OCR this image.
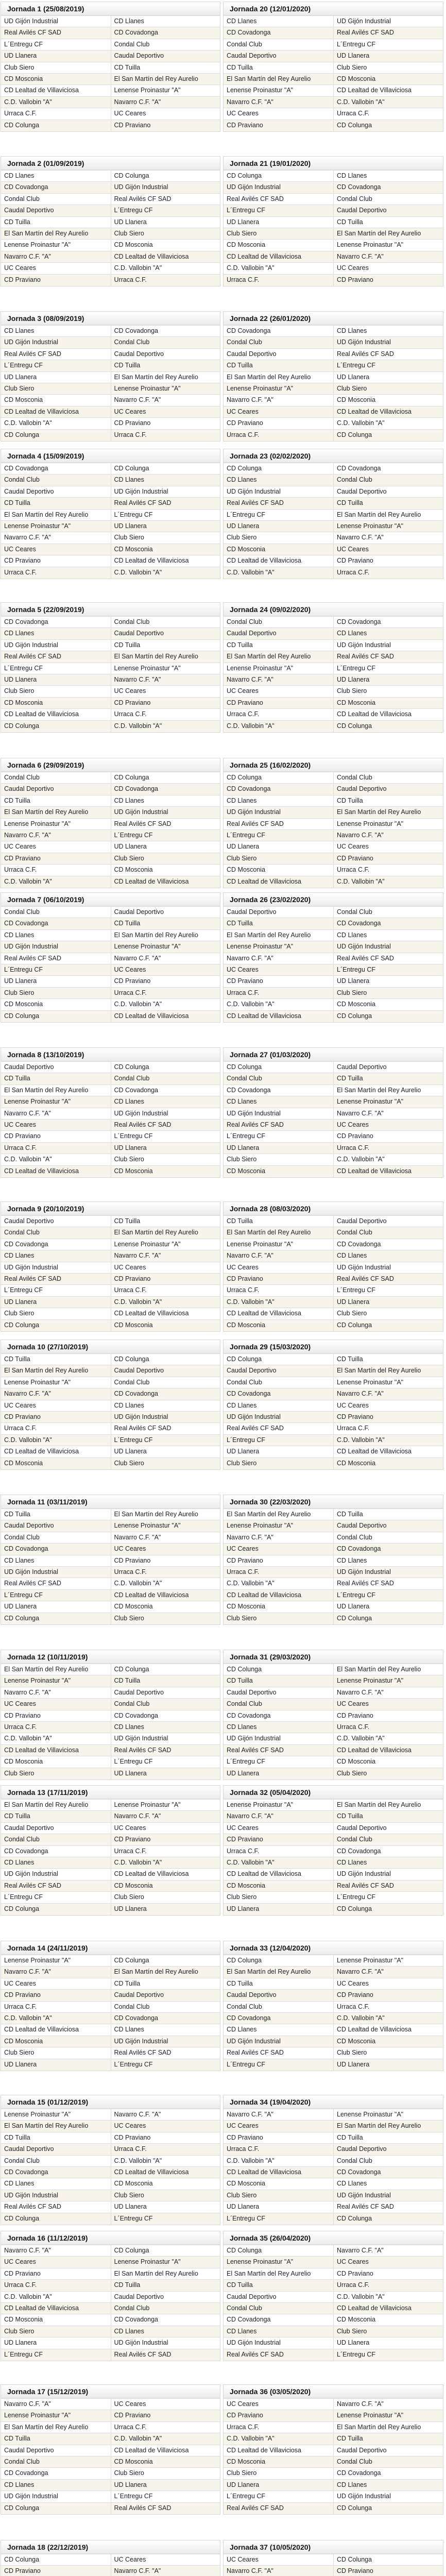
Jornada 1 (25/08/2019)
UD Gijón Industrial	CD Llanes
Real Avilés CF SAD	CD Covadonga
L´Entregu CF	Condal Club
UD Llanera	Caudal Deportivo
Club Siero	CD Tuilla
CD Mosconia	El San Martín del Rey Aurelio
CD Lealtad de Villaviciosa	Lenense Proinastur "A"
C.D. Vallobin "A"	Navarro C.F. "A"
Urraca C.F.	UC Ceares
CD Colunga	CD Praviano
Jornada 20 (12/01/2020)
CD Llanes	UD Gijón Industrial
CD Covadonga	Real Avilés CF SAD
Condal Club	L´Entregu CF
Caudal Deportivo	UD Llanera
CD Tuilla	Club Siero
El San Martín del Rey Aurelio	CD Mosconia
Lenense Proinastur "A"	CD Lealtad de Villaviciosa
Navarro C.F. "A"	C.D. Vallobin "A"
UC Ceares	Urraca C.F.
CD Praviano	CD Colunga
Jornada 2 (01/09/2019)
CD Llanes	CD Colunga
CD Covadonga	UD Gijón Industrial
Condal Club	Real Avilés CF SAD
Caudal Deportivo	L´Entregu CF
CD Tuilla	UD Llanera
El San Martín del Rey Aurelio	Club Siero
Lenense Proinastur "A"	CD Mosconia
Navarro C.F. "A"	CD Lealtad de Villaviciosa
UC Ceares	C.D. Vallobin "A"
CD Praviano	Urraca C.F.
Jornada 21 (19/01/2020)
CD Colunga	CD Llanes
UD Gijón Industrial	CD Covadonga
Real Avilés CF SAD	Condal Club
L´Entregu CF	Caudal Deportivo
UD Llanera	CD Tuilla
Club Siero	El San Martín del Rey Aurelio
CD Mosconia	Lenense Proinastur "A"
CD Lealtad de Villaviciosa	Navarro C.F. "A"
C.D. Vallobin "A"	UC Ceares
Urraca C.F.	CD Praviano
Jornada 3 (08/09/2019)
CD Llanes	CD Covadonga
UD Gijón Industrial	Condal Club
Real Avilés CF SAD	Caudal Deportivo
L´Entregu CF	CD Tuilla
UD Llanera	El San Martín del Rey Aurelio
Club Siero	Lenense Proinastur "A"
CD Mosconia	Navarro C.F. "A"
CD Lealtad de Villaviciosa	UC Ceares
C.D. Vallobin "A"	CD Praviano
CD Colunga	Urraca C.F.
Jornada 22 (26/01/2020)
CD Covadonga	CD Llanes
Condal Club	UD Gijón Industrial
Caudal Deportivo	Real Avilés CF SAD
CD Tuilla	L´Entregu CF
El San Martín del Rey Aurelio	UD Llanera
Lenense Proinastur "A"	Club Siero
Navarro C.F. "A"	CD Mosconia
UC Ceares	CD Lealtad de Villaviciosa
CD Praviano	C.D. Vallobin "A"
Urraca C.F.	CD Colunga
Jornada 4 (15/09/2019)
CD Covadonga	CD Colunga
Condal Club	CD Llanes
Caudal Deportivo	UD Gijón Industrial
CD Tuilla	Real Avilés CF SAD
El San Martín del Rey Aurelio	L´Entregu CF
Lenense Proinastur "A"	UD Llanera
Navarro C.F. "A"	Club Siero
UC Ceares	CD Mosconia
CD Praviano	CD Lealtad de Villaviciosa
Urraca C.F.	C.D. Vallobin "A"
Jornada 23 (02/02/2020)
CD Colunga	CD Covadonga
CD Llanes	Condal Club
UD Gijón Industrial	Caudal Deportivo
Real Avilés CF SAD	CD Tuilla
L´Entregu CF	El San Martín del Rey Aurelio
UD Llanera	Lenense Proinastur "A"
Club Siero	Navarro C.F. "A"
CD Mosconia	UC Ceares
CD Lealtad de Villaviciosa	CD Praviano
C.D. Vallobin "A"	Urraca C.F.
Jornada 5 (22/09/2019)
CD Covadonga	Condal Club
CD Llanes	Caudal Deportivo
UD Gijón Industrial	CD Tuilla
Real Avilés CF SAD	El San Martín del Rey Aurelio
L´Entregu CF	Lenense Proinastur "A"
UD Llanera	Navarro C.F. "A"
Club Siero	UC Ceares
CD Mosconia	CD Praviano
CD Lealtad de Villaviciosa	Urraca C.F.
CD Colunga	C.D. Vallobin "A"
Jornada 24 (09/02/2020)
Condal Club	CD Covadonga
Caudal Deportivo	CD Llanes
CD Tuilla	UD Gijón Industrial
El San Martín del Rey Aurelio	Real Avilés CF SAD
Lenense Proinastur "A"	L´Entregu CF
Navarro C.F. "A"	UD Llanera
UC Ceares	Club Siero
CD Praviano	CD Mosconia
Urraca C.F.	CD Lealtad de Villaviciosa
C.D. Vallobin "A"	CD Colunga
Jornada 6 (29/09/2019)
Condal Club	CD Colunga
Caudal Deportivo	CD Covadonga
CD Tuilla	CD Llanes
El San Martín del Rey Aurelio	UD Gijón Industrial
Lenense Proinastur "A"	Real Avilés CF SAD
Navarro C.F. "A"	L´Entregu CF
UC Ceares	UD Llanera
CD Praviano	Club Siero
Urraca C.F.	CD Mosconia
C.D. Vallobin "A"	CD Lealtad de Villaviciosa
Jornada 25 (16/02/2020)
CD Colunga	Condal Club
CD Covadonga	Caudal Deportivo
CD Llanes	CD Tuilla
UD Gijón Industrial	El San Martín del Rey Aurelio
Real Avilés CF SAD	Lenense Proinastur "A"
L´Entregu CF	Navarro C.F. "A"
UD Llanera	UC Ceares
Club Siero	CD Praviano
CD Mosconia	Urraca C.F.
CD Lealtad de Villaviciosa	C.D. Vallobin "A"
Jornada 7 (06/10/2019)
Condal Club	Caudal Deportivo
CD Covadonga	CD Tuilla
CD Llanes	El San Martín del Rey Aurelio
UD Gijón Industrial	Lenense Proinastur "A"
Real Avilés CF SAD	Navarro C.F. "A"
L´Entregu CF	UC Ceares
UD Llanera	CD Praviano
Club Siero	Urraca C.F.
CD Mosconia	C.D. Vallobin "A"
CD Colunga	CD Lealtad de Villaviciosa
Jornada 26 (23/02/2020)
Caudal Deportivo	Condal Club
CD Tuilla	CD Covadonga
El San Martín del Rey Aurelio	CD Llanes
Lenense Proinastur "A"	UD Gijón Industrial
Navarro C.F. "A"	Real Avilés CF SAD
UC Ceares	L´Entregu CF
CD Praviano	UD Llanera
Urraca C.F.	Club Siero
C.D. Vallobin "A"	CD Mosconia
CD Lealtad de Villaviciosa	CD Colunga
Jornada 8 (13/10/2019)
Caudal Deportivo	CD Colunga
CD Tuilla	Condal Club
El San Martín del Rey Aurelio	CD Covadonga
Lenense Proinastur "A"	CD Llanes
Navarro C.F. "A"	UD Gijón Industrial
UC Ceares	Real Avilés CF SAD
CD Praviano	L´Entregu CF
Urraca C.F.	UD Llanera
C.D. Vallobin "A"	Club Siero
CD Lealtad de Villaviciosa	CD Mosconia
Jornada 27 (01/03/2020)
CD Colunga	Caudal Deportivo
Condal Club	CD Tuilla
CD Covadonga	El San Martín del Rey Aurelio
CD Llanes	Lenense Proinastur "A"
UD Gijón Industrial	Navarro C.F. "A"
Real Avilés CF SAD	UC Ceares
L´Entregu CF	CD Praviano
UD Llanera	Urraca C.F.
Club Siero	C.D. Vallobin "A"
CD Mosconia	CD Lealtad de Villaviciosa
Jornada 9 (20/10/2019)
Caudal Deportivo	CD Tuilla
Condal Club	El San Martín del Rey Aurelio
CD Covadonga	Lenense Proinastur "A"
CD Llanes	Navarro C.F. "A"
UD Gijón Industrial	UC Ceares
Real Avilés CF SAD	CD Praviano
L´Entregu CF	Urraca C.F.
UD Llanera	C.D. Vallobin "A"
Club Siero	CD Lealtad de Villaviciosa
CD Colunga	CD Mosconia
Jornada 28 (08/03/2020)
CD Tuilla	Caudal Deportivo
El San Martín del Rey Aurelio	Condal Club
Lenense Proinastur "A"	CD Covadonga
Navarro C.F. "A"	CD Llanes
UC Ceares	UD Gijón Industrial
CD Praviano	Real Avilés CF SAD
Urraca C.F.	L´Entregu CF
C.D. Vallobin "A"	UD Llanera
CD Lealtad de Villaviciosa	Club Siero
CD Mosconia	CD Colunga
Jornada 10 (27/10/2019)
CD Tuilla	CD Colunga
El San Martín del Rey Aurelio	Caudal Deportivo
Lenense Proinastur "A"	Condal Club
Navarro C.F. "A"	CD Covadonga
UC Ceares	CD Llanes
CD Praviano	UD Gijón Industrial
Urraca C.F.	Real Avilés CF SAD
C.D. Vallobin "A"	L´Entregu CF
CD Lealtad de Villaviciosa	UD Llanera
CD Mosconia	Club Siero
Jornada 29 (15/03/2020)
CD Colunga	CD Tuilla
Caudal Deportivo	El San Martín del Rey Aurelio
Condal Club	Lenense Proinastur "A"
CD Covadonga	Navarro C.F. "A"
CD Llanes	UC Ceares
UD Gijón Industrial	CD Praviano
Real Avilés CF SAD	Urraca C.F.
L´Entregu CF	C.D. Vallobin "A"
UD Llanera	CD Lealtad de Villaviciosa
Club Siero	CD Mosconia
Jornada 11 (03/11/2019)
CD Tuilla	El San Martín del Rey Aurelio
Caudal Deportivo	Lenense Proinastur "A"
Condal Club	Navarro C.F. "A"
CD Covadonga	UC Ceares
CD Llanes	CD Praviano
UD Gijón Industrial	Urraca C.F.
Real Avilés CF SAD	C.D. Vallobin "A"
L´Entregu CF	CD Lealtad de Villaviciosa
UD Llanera	CD Mosconia
CD Colunga	Club Siero
Jornada 30 (22/03/2020)
El San Martín del Rey Aurelio	CD Tuilla
Lenense Proinastur "A"	Caudal Deportivo
Navarro C.F. "A"	Condal Club
UC Ceares	CD Covadonga
CD Praviano	CD Llanes
Urraca C.F.	UD Gijón Industrial
C.D. Vallobin "A"	Real Avilés CF SAD
CD Lealtad de Villaviciosa	L´Entregu CF
CD Mosconia	UD Llanera
Club Siero	CD Colunga
Jornada 12 (10/11/2019)
El San Martín del Rey Aurelio	CD Colunga
Lenense Proinastur "A"	CD Tuilla
Navarro C.F. "A"	Caudal Deportivo
UC Ceares	Condal Club
CD Praviano	CD Covadonga
Urraca C.F.	CD Llanes
C.D. Vallobin "A"	UD Gijón Industrial
CD Lealtad de Villaviciosa	Real Avilés CF SAD
CD Mosconia	L´Entregu CF
Club Siero	UD Llanera
Jornada 31 (29/03/2020)
CD Colunga	El San Martín del Rey Aurelio
CD Tuilla	Lenense Proinastur "A"
Caudal Deportivo	Navarro C.F. "A"
Condal Club	UC Ceares
CD Covadonga	CD Praviano
CD Llanes	Urraca C.F.
UD Gijón Industrial	C.D. Vallobin "A"
Real Avilés CF SAD	CD Lealtad de Villaviciosa
L´Entregu CF	CD Mosconia
UD Llanera	Club Siero
Jornada 13 (17/11/2019)
El San Martín del Rey Aurelio	Lenense Proinastur "A"
CD Tuilla	Navarro C.F. "A"
Caudal Deportivo	UC Ceares
Condal Club	CD Praviano
CD Covadonga	Urraca C.F.
CD Llanes	C.D. Vallobin "A"
UD Gijón Industrial	CD Lealtad de Villaviciosa
Real Avilés CF SAD	CD Mosconia
L´Entregu CF	Club Siero
CD Colunga	UD Llanera
Jornada 32 (05/04/2020)
Lenense Proinastur "A"	El San Martín del Rey Aurelio
Navarro C.F. "A"	CD Tuilla
UC Ceares	Caudal Deportivo
CD Praviano	Condal Club
Urraca C.F.	CD Covadonga
C.D. Vallobin "A"	CD Llanes
CD Lealtad de Villaviciosa	UD Gijón Industrial
CD Mosconia	Real Avilés CF SAD
Club Siero	L´Entregu CF
UD Llanera	CD Colunga
Jornada 14 (24/11/2019)
Lenense Proinastur "A"	CD Colunga
Navarro C.F. "A"	El San Martín del Rey Aurelio
UC Ceares	CD Tuilla
CD Praviano	Caudal Deportivo
Urraca C.F.	Condal Club
C.D. Vallobin "A"	CD Covadonga
CD Lealtad de Villaviciosa	CD Llanes
CD Mosconia	UD Gijón Industrial
Club Siero	Real Avilés CF SAD
UD Llanera	L´Entregu CF
Jornada 33 (12/04/2020)
CD Colunga	Lenense Proinastur "A"
El San Martín del Rey Aurelio	Navarro C.F. "A"
CD Tuilla	UC Ceares
Caudal Deportivo	CD Praviano
Condal Club	Urraca C.F.
CD Covadonga	C.D. Vallobin "A"
CD Llanes	CD Lealtad de Villaviciosa
UD Gijón Industrial	CD Mosconia
Real Avilés CF SAD	Club Siero
L´Entregu CF	UD Llanera
Jornada 15 (01/12/2019)
Lenense Proinastur "A"	Navarro C.F. "A"
El San Martín del Rey Aurelio	UC Ceares
CD Tuilla	CD Praviano
Caudal Deportivo	Urraca C.F.
Condal Club	C.D. Vallobin "A"
CD Covadonga	CD Lealtad de Villaviciosa
CD Llanes	CD Mosconia
UD Gijón Industrial	Club Siero
Real Avilés CF SAD	UD Llanera
CD Colunga	L´Entregu CF
Jornada 34 (19/04/2020)
Navarro C.F. "A"	Lenense Proinastur "A"
UC Ceares	El San Martín del Rey Aurelio
CD Praviano	CD Tuilla
Urraca C.F.	Caudal Deportivo
C.D. Vallobin "A"	Condal Club
CD Lealtad de Villaviciosa	CD Covadonga
CD Mosconia	CD Llanes
Club Siero	UD Gijón Industrial
UD Llanera	Real Avilés CF SAD
L´Entregu CF	CD Colunga
Jornada 16 (11/12/2019)
Navarro C.F. "A"	CD Colunga
UC Ceares	Lenense Proinastur "A"
CD Praviano	El San Martín del Rey Aurelio
Urraca C.F.	CD Tuilla
C.D. Vallobin "A"	Caudal Deportivo
CD Lealtad de Villaviciosa	Condal Club
CD Mosconia	CD Covadonga
Club Siero	CD Llanes
UD Llanera	UD Gijón Industrial
L´Entregu CF	Real Avilés CF SAD
Jornada 35 (26/04/2020)
CD Colunga	Navarro C.F. "A"
Lenense Proinastur "A"	UC Ceares
El San Martín del Rey Aurelio	CD Praviano
CD Tuilla	Urraca C.F.
Caudal Deportivo	C.D. Vallobin "A"
Condal Club	CD Lealtad de Villaviciosa
CD Covadonga	CD Mosconia
CD Llanes	Club Siero
UD Gijón Industrial	UD Llanera
Real Avilés CF SAD	L´Entregu CF
Jornada 17 (15/12/2019)
Navarro C.F. "A"	UC Ceares
Lenense Proinastur "A"	CD Praviano
El San Martín del Rey Aurelio	Urraca C.F.
CD Tuilla	C.D. Vallobin "A"
Caudal Deportivo	CD Lealtad de Villaviciosa
Condal Club	CD Mosconia
CD Covadonga	Club Siero
CD Llanes	UD Llanera
UD Gijón Industrial	L´Entregu CF
CD Colunga	Real Avilés CF SAD
Jornada 36 (03/05/2020)
UC Ceares	Navarro C.F. "A"
CD Praviano	Lenense Proinastur "A"
Urraca C.F.	El San Martín del Rey Aurelio
C.D. Vallobin "A"	CD Tuilla
CD Lealtad de Villaviciosa	Caudal Deportivo
CD Mosconia	Condal Club
Club Siero	CD Covadonga
UD Llanera	CD Llanes
L´Entregu CF	UD Gijón Industrial
Real Avilés CF SAD	CD Colunga
Jornada 18 (22/12/2019)
CD Colunga	UC Ceares
CD Praviano	Navarro C.F. "A"
Jornada 37 (10/05/2020)
UC Ceares	CD Colunga
Navarro C.F. "A"	CD Praviano
